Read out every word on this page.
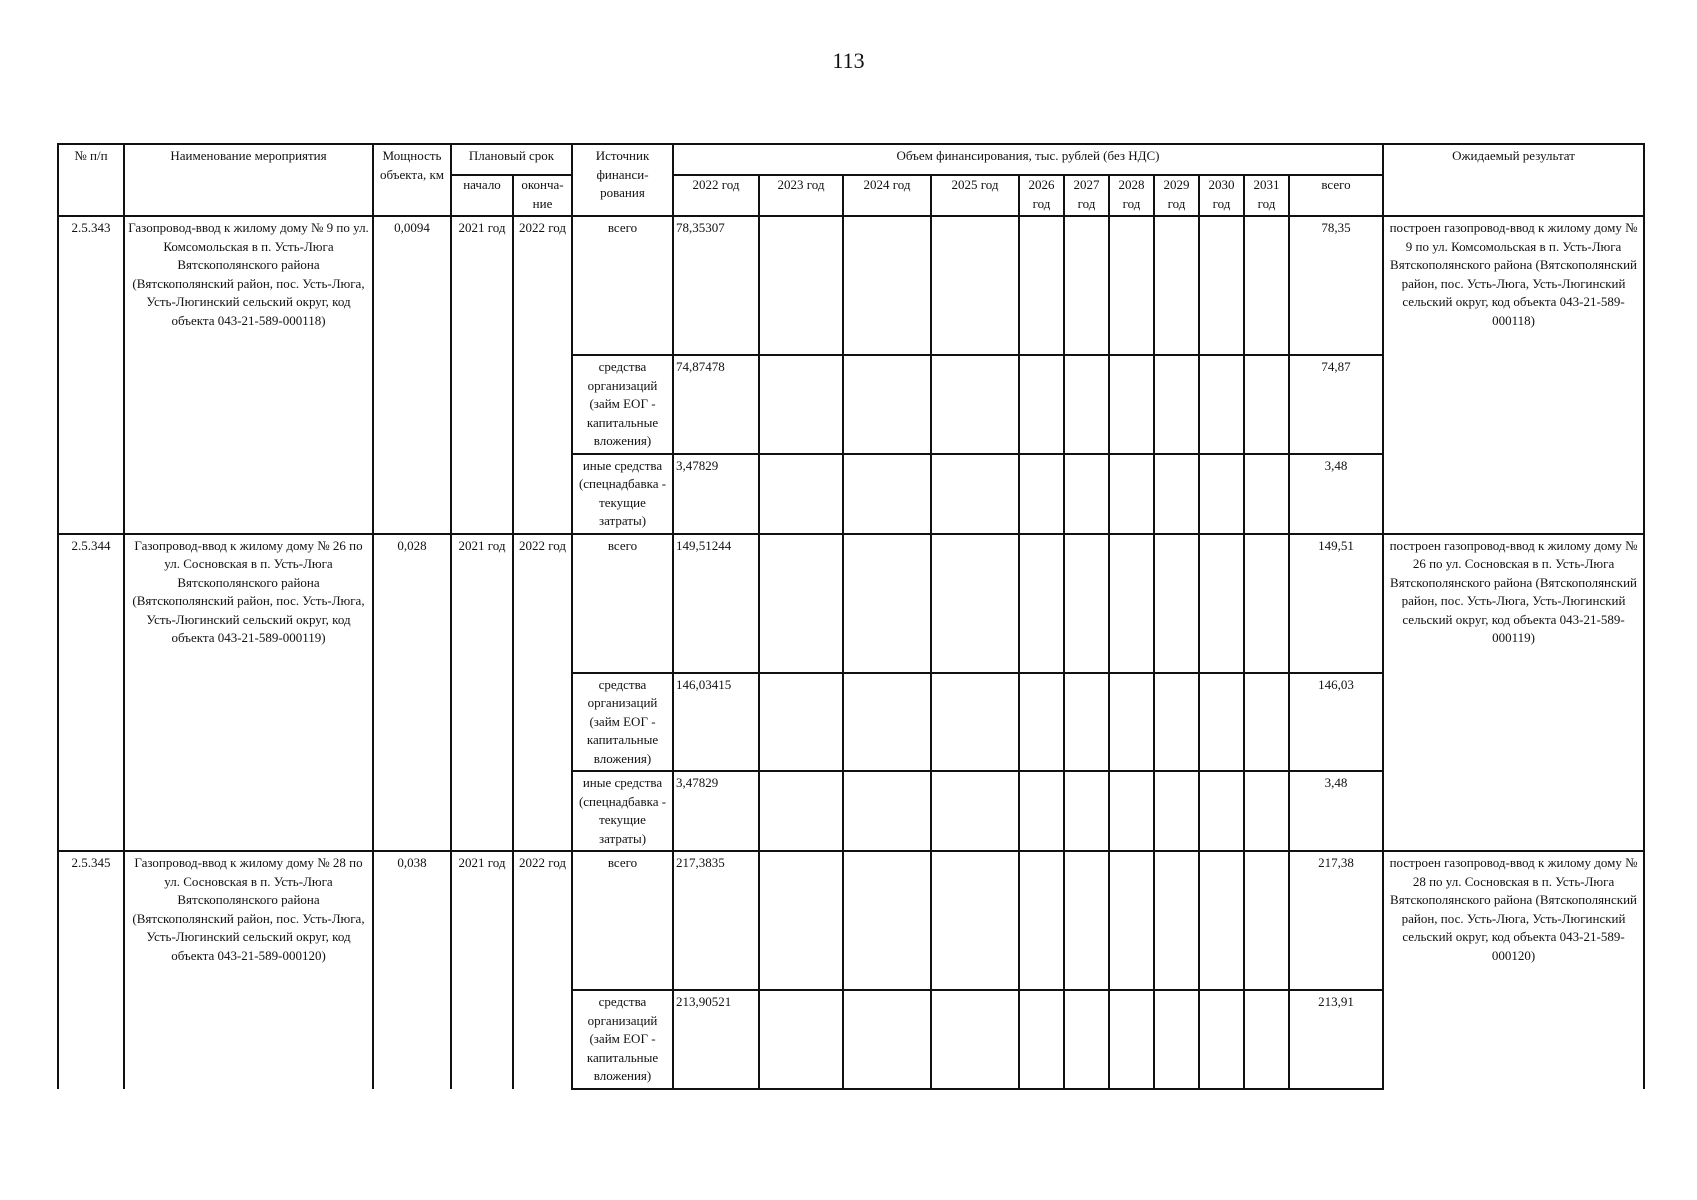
113
№ п/п	Наименование мероприятия	Мощность объекта, км	Плановый срок		Источник финанси-рования	Объем финансирования, тыс. рублей (без НДС)											Ожидаемый результат
			начало	оконча-ние		2022 год	2023 год	2024 год	2025 год	2026 год	2027 год	2028 год	2029 год	2030 год	2031 год	всего	
2.5.343	Газопровод-ввод к жилому дому № 9 по ул. Комсомольская в п. Усть-Люга Вятскополянского района (Вятскополянский район, пос. Усть-Люга, Усть-Люгинский сельский округ, код объекта 043-21-589-000118)	0,0094	2021 год	2022 год	всего	78,35307										78,35	построен газопровод-ввод к жилому дому № 9 по ул. Комсомольская в п. Усть-Люга Вятскополянского района (Вятскополянский район, пос. Усть-Люга, Усть-Люгинский сельский округ, код объекта 043-21-589-000118)
					средства организаций (займ ЕОГ - капитальные вложения)	74,87478										74,87	
					иные средства (спецнадбавка - текущие затраты)	3,47829										3,48	
2.5.344	Газопровод-ввод к жилому дому № 26 по ул. Сосновская в п. Усть-Люга Вятскополянского района (Вятскополянский район, пос. Усть-Люга, Усть-Люгинский сельский округ, код объекта 043-21-589-000119)	0,028	2021 год	2022 год	всего	149,51244										149,51	построен газопровод-ввод к жилому дому № 26 по ул. Сосновская в п. Усть-Люга Вятскополянского района (Вятскополянский район, пос. Усть-Люга, Усть-Люгинский сельский округ, код объекта 043-21-589-000119)
					средства организаций (займ ЕОГ - капитальные вложения)	146,03415										146,03	
					иные средства (спецнадбавка - текущие затраты)	3,47829										3,48	
2.5.345	Газопровод-ввод к жилому дому № 28 по ул. Сосновская в п. Усть-Люга Вятскополянского района (Вятскополянский район, пос. Усть-Люга, Усть-Люгинский сельский округ, код объекта 043-21-589-000120)	0,038	2021 год	2022 год	всего	217,3835										217,38	построен газопровод-ввод к жилому дому № 28 по ул. Сосновская в п. Усть-Люга Вятскополянского района (Вятскополянский район, пос. Усть-Люга, Усть-Люгинский сельский округ, код объекта 043-21-589-000120)
					средства организаций (займ ЕОГ - капитальные вложения)	213,90521										213,91	
